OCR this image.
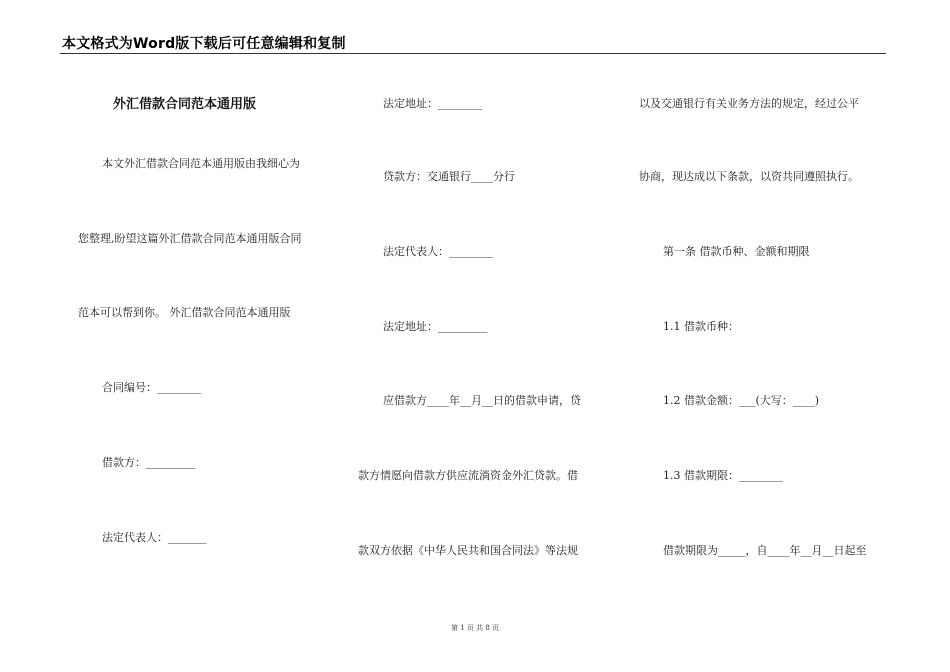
本文格式为Word版下载后可任意编辑和复制
外汇借款合同范本通用版
本文外汇借款合同范本通用版由我细心为
您整理,盼望这篇外汇借款合同范本通用版合同
范本可以帮到你。 外汇借款合同范本通用版
合同编号：________
借款方：_________
法定代表人：_______
法定地址：________
贷款方：交通银行____分行
法定代表人：________
法定地址：_________
应借款方____年__月__日的借款申请，贷
款方情愿向借款方供应流淌资金外汇贷款。借
款双方依据《中华人民共和国合同法》等法规
以及交通银行有关业务方法的规定，经过公平
协商，现达成以下条款，以资共同遵照执行。
第一条 借款币种、金额和期限
1.1 借款币种：
1.2 借款金额：___(大写：____)
1.3 借款期限：________
借款期限为_____，自____年__月__日起至
第 1 页 共 8 页
